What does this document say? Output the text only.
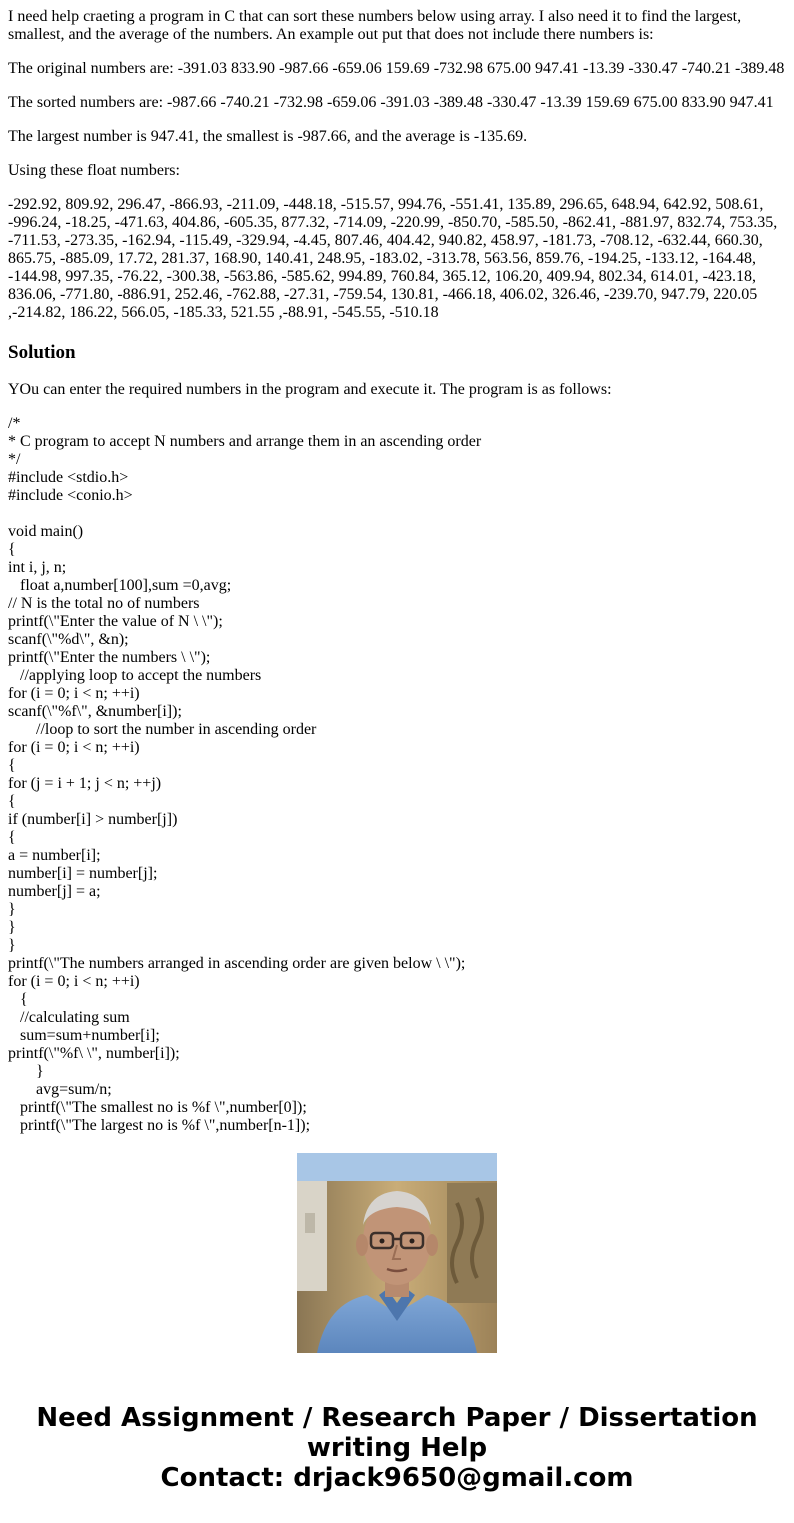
I need help craeting a program in C that can sort these numbers below using array. I also need it to find the largest, smallest, and the average of the numbers. An example out put that does not include there numbers is:

The original numbers are: -391.03 833.90 -987.66 -659.06 159.69 -732.98 675.00 947.41 -13.39 -330.47 -740.21 -389.48

The sorted numbers are: -987.66 -740.21 -732.98 -659.06 -391.03 -389.48 -330.47 -13.39 159.69 675.00 833.90 947.41

The largest number is 947.41, the smallest is -987.66, and the average is -135.69.

Using these float numbers:

-292.92, 809.92, 296.47, -866.93, -211.09, -448.18, -515.57, 994.76, -551.41, 135.89, 296.65, 648.94, 642.92, 508.61, -996.24, -18.25, -471.63, 404.86, -605.35, 877.32, -714.09, -220.99, -850.70, -585.50, -862.41, -881.97, 832.74, 753.35, -711.53, -273.35, -162.94, -115.49, -329.94, -4.45, 807.46, 404.42, 940.82, 458.97, -181.73, -708.12, -632.44, 660.30, 865.75, -885.09, 17.72, 281.37, 168.90, 140.41, 248.95, -183.02, -313.78, 563.56, 859.76, -194.25, -133.12, -164.48, -144.98, 997.35, -76.22, -300.38, -563.86, -585.62, 994.89, 760.84, 365.12, 106.20, 409.94, 802.34, 614.01, -423.18, 836.06, -771.80, -886.91, 252.46, -762.88, -27.31, -759.54, 130.81, -466.18, 406.02, 326.46, -239.70, 947.79, 220.05 ,-214.82, 186.22, 566.05, -185.33, 521.55 ,-88.91, -545.55, -510.18

Solution

YOu can enter the required numbers in the program and execute it. The program is as follows:

/*
* C program to accept N numbers and arrange them in an ascending order
*/
#include <stdio.h>
#include <conio.h>
void main()
{
int i, j, n;
float a,number[100],sum =0,avg;
// N is the total no of numbers
printf(\"Enter the value of N \ \");
scanf(\"%d\", &n);
printf(\"Enter the numbers \ \");
//applying loop to accept the numbers
for (i = 0; i < n; ++i)
scanf(\"%f\", &number[i]);
//loop to sort the number in ascending order
for (i = 0; i < n; ++i)
{
for (j = i + 1; j < n; ++j)
{
if (number[i] > number[j])
{
a = number[i];
number[i] = number[j];
number[j] = a;
}
}
}
printf(\"The numbers arranged in ascending order are given below \ \");
for (i = 0; i < n; ++i)
{
//calculating sum
sum=sum+number[i];
printf(\"%f\ \", number[i]);
}
avg=sum/n;
printf(\"The smallest no is %f \",number[0]);
printf(\"The largest no is %f \",number[n-1]);
Need Assignment / Research Paper / Dissertation
writing Help
Contact: drjack9650@gmail.com
